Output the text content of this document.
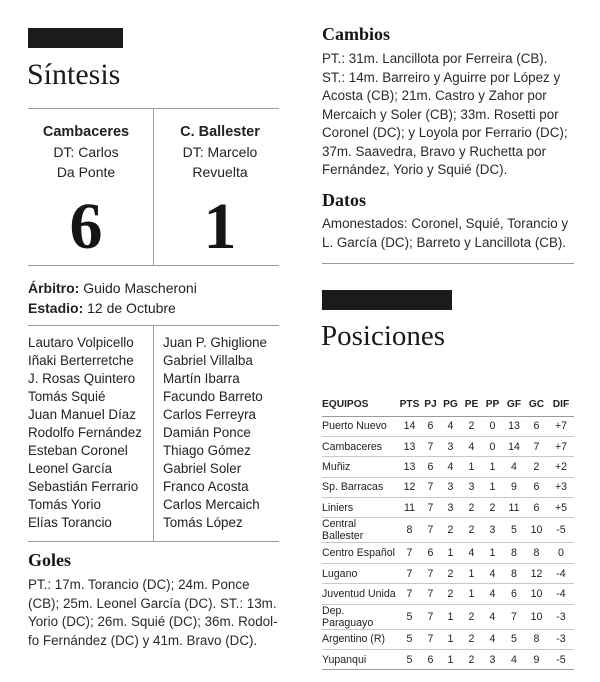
Síntesis
Cambaceres
DT: Carlos
Da Ponte
C. Ballester
DT: Marcelo
Revuelta
6	1
Árbitro: Guido Mascheroni
Estadio: 12 de Octubre
Lautaro Volpicello
Iñaki Berterretche
J. Rosas Quintero
Tomás Squié
Juan Manuel Díaz
Rodolfo Fernández
Esteban Coronel
Leonel García
Sebastián Ferrario
Tomás Yorio
Elías Torancio
Juan P. Ghiglione
Gabriel Villalba
Martín Ibarra
Facundo Barreto
Carlos Ferreyra
Damián Ponce
Thiago Gómez
Gabriel Soler
Franco Acosta
Carlos Mercaich
Tomás López
Goles
PT.: 17m. Torancio (DC); 24m. Ponce
(CB); 25m. Leonel García (DC). ST.: 13m.
Yorio (DC); 26m. Squié (DC); 36m. Rodol-
fo Fernández (DC) y 41m. Bravo (DC).
Cambios
PT.: 31m. Lancillota por Ferreira (CB).
ST.: 14m. Barreiro y Aguirre por López y
Acosta (CB); 21m. Castro y Zahor por
Mercaich y Soler (CB); 33m. Rosetti por
Coronel (DC); y Loyola por Ferrario (DC);
37m. Saavedra, Bravo y Ruchetta por
Fernández, Yorio y Squié (DC).
Datos
Amonestados: Coronel, Squié, Torancio y
L. García (DC); Barreto y Lancillota (CB).
Posiciones
EQUIPOS	PTS	PJ	PG	PE	PP	GF	GC	DIF
Puerto Nuevo	14	6	4	2	0	13	6	+7
Cambaceres	13	7	3	4	0	14	7	+7
Muñiz	13	6	4	1	1	4	2	+2
Sp. Barracas	12	7	3	3	1	9	6	+3
Liniers	11	7	3	2	2	11	6	+5
Central Ballester	8	7	2	2	3	5	10	-5
Centro Español	7	6	1	4	1	8	8	0
Lugano	7	7	2	1	4	8	12	-4
Juventud Unida	7	7	2	1	4	6	10	-4
Dep. Paraguayo	5	7	1	2	4	7	10	-3
Argentino (R)	5	7	1	2	4	5	8	-3
Yupanqui	5	6	1	2	3	4	9	-5
